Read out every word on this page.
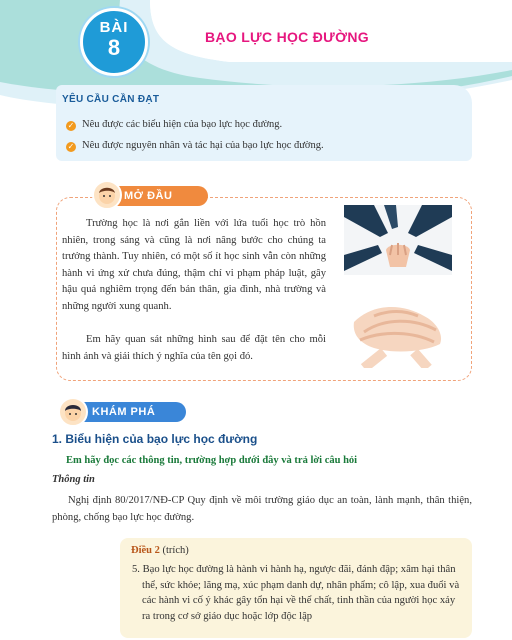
BÀI
8	BẠO LỰC HỌC ĐƯỜNG
YÊU CẦU CẦN ĐẠT
✓ Nêu được các biểu hiện của bạo lực học đường.
✓ Nêu được nguyên nhân và tác hại của bạo lực học đường.
MỞ ĐẦU
Trường học là nơi gắn liền với lứa tuổi học trò hồn nhiên, trong sáng và cũng là nơi nâng bước cho chúng ta trưởng thành. Tuy nhiên, có một số ít học sinh vẫn còn những hành vi ứng xử chưa đúng, thậm chí vi phạm pháp luật, gây hậu quả nghiêm trọng đến bản thân, gia đình, nhà trường và những người xung quanh.
Em hãy quan sát những hình sau để đặt tên cho mỗi hình ảnh và giải thích ý nghĩa của tên gọi đó.
KHÁM PHÁ
1. Biểu hiện của bạo lực học đường
Em hãy đọc các thông tin, trường hợp dưới đây và trả lời câu hỏi
Thông tin
Nghị định 80/2017/NĐ-CP Quy định về môi trường giáo dục an toàn, lành mạnh, thân thiện, phòng, chống bạo lực học đường.
Điều 2 (trích)
5. Bạo lực học đường là hành vi hành hạ, ngược đãi, đánh đập; xâm hại thân thể, sức khỏe; lăng mạ, xúc phạm danh dự, nhân phẩm; cô lập, xua đuổi và các hành vi cố ý khác gây tổn hại về thể chất, tinh thần của người học xảy ra trong cơ sở giáo dục hoặc lớp độc lập
